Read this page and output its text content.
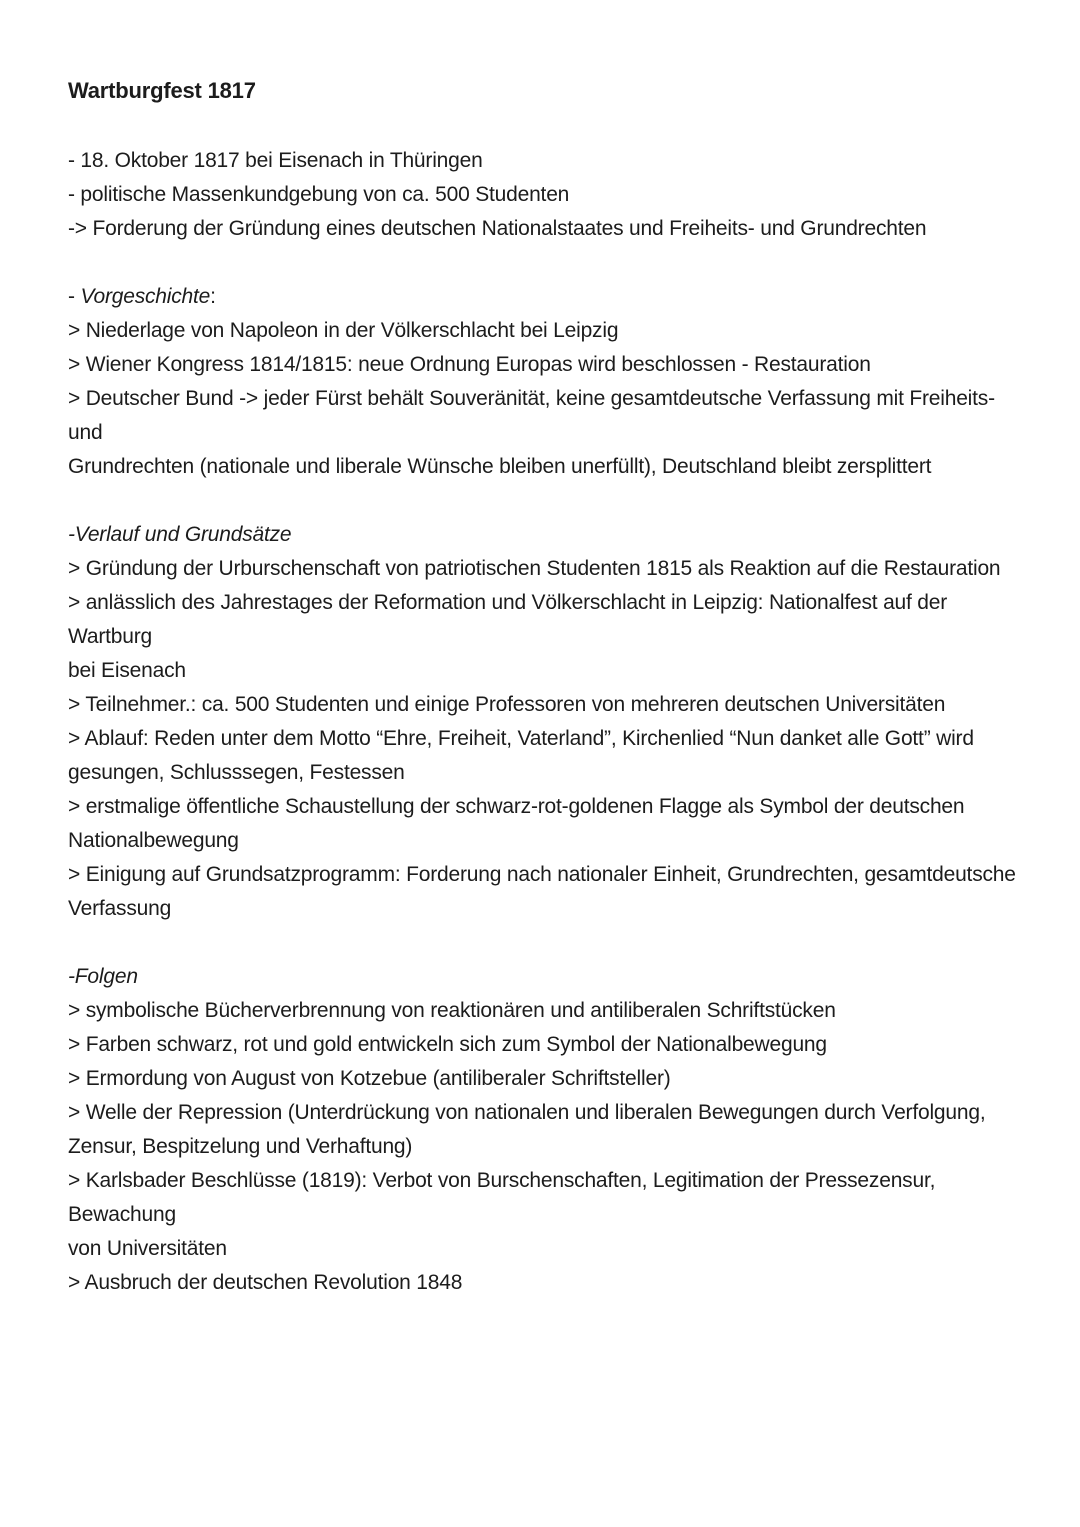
Wartburgfest 1817

- 18. Oktober 1817 bei Eisenach in Thüringen

- politische Massenkundgebung von ca. 500 Studenten

-> Forderung der Gründung eines deutschen Nationalstaates und Freiheits- und Grundrechten

- Vorgeschichte:

> Niederlage von Napoleon in der Völkerschlacht bei Leipzig

> Wiener Kongress 1814/1815: neue Ordnung Europas wird beschlossen - Restauration

> Deutscher Bund -> jeder Fürst behält Souveränität, keine gesamtdeutsche Verfassung mit Freiheits- und

Grundrechten (nationale und liberale Wünsche bleiben unerfüllt), Deutschland bleibt zersplittert

-Verlauf und Grundsätze

> Gründung der Urburschenschaft von patriotischen Studenten 1815 als Reaktion auf die Restauration

> anlässlich des Jahrestages der Reformation und Völkerschlacht in Leipzig: Nationalfest auf der Wartburg

bei Eisenach

> Teilnehmer.: ca. 500 Studenten und einige Professoren von mehreren deutschen Universitäten

> Ablauf: Reden unter dem Motto “Ehre, Freiheit, Vaterland”, Kirchenlied “Nun danket alle Gott” wird

gesungen, Schlusssegen, Festessen

> erstmalige öffentliche Schaustellung der schwarz-rot-goldenen Flagge als Symbol der deutschen

Nationalbewegung

> Einigung auf Grundsatzprogramm: Forderung nach nationaler Einheit, Grundrechten, gesamtdeutsche

Verfassung

-Folgen

> symbolische Bücherverbrennung von reaktionären und antiliberalen Schriftstücken

> Farben schwarz, rot und gold entwickeln sich zum Symbol der Nationalbewegung

> Ermordung von August von Kotzebue (antiliberaler Schriftsteller)

> Welle der Repression (Unterdrückung von nationalen und liberalen Bewegungen durch Verfolgung,

Zensur, Bespitzelung und Verhaftung)

> Karlsbader Beschlüsse (1819): Verbot von Burschenschaften, Legitimation der Pressezensur, Bewachung

von Universitäten

> Ausbruch der deutschen Revolution 1848
